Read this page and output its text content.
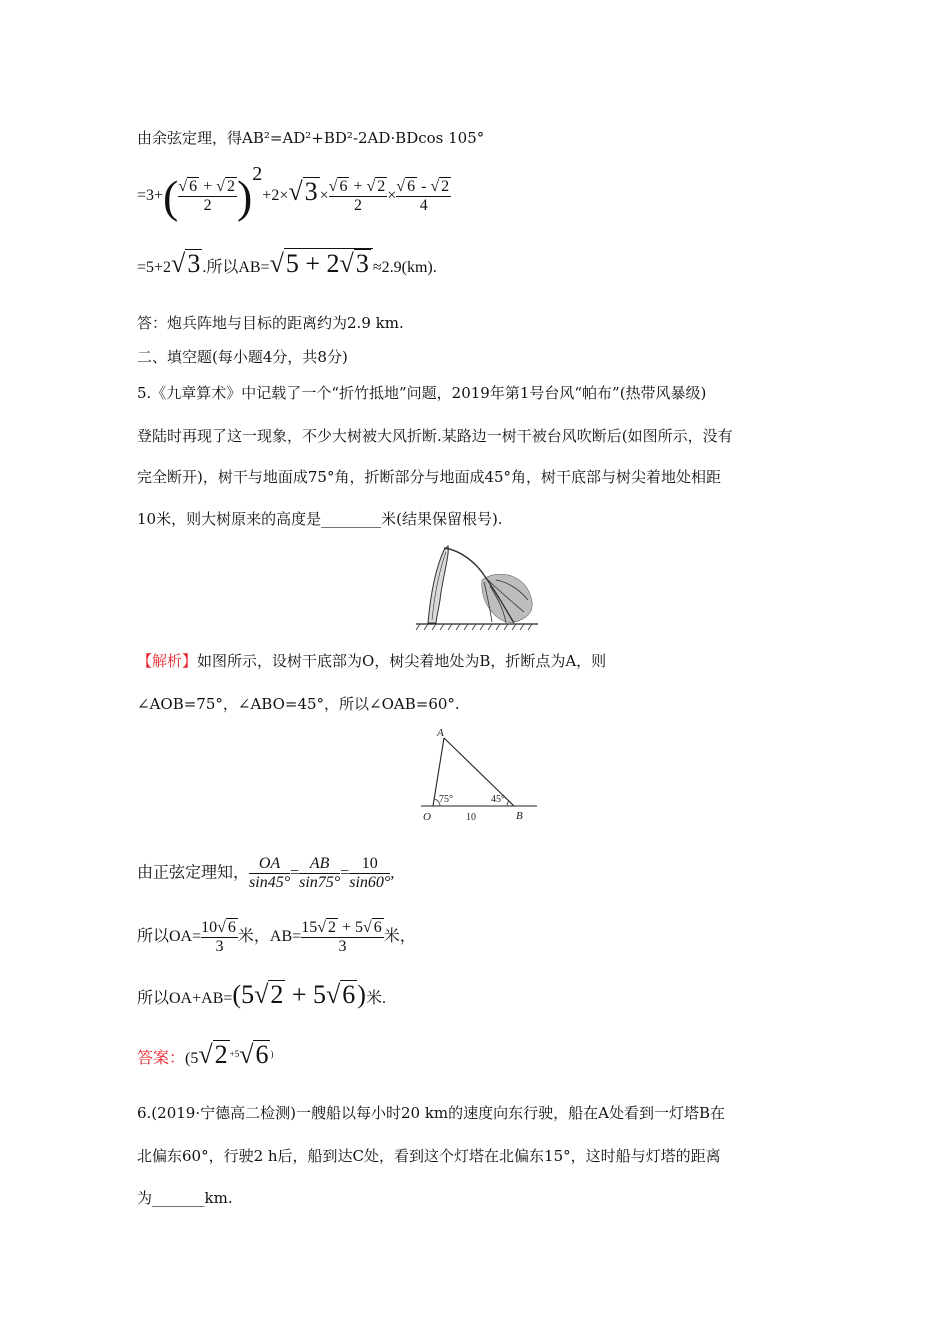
由余弦定理，得AB²=AD²+BD²-2AD·BDcos 105°
$=3+( \frac{√ 6 + √ 2}{2} )^2+2\times√3 \times \frac{√ 6 + √ 2}{2} \times \frac{√ 6 - √ 2}{4}$
=5+2√3 .所以AB=√5 + 2√3 ≈2.9(km).
答：炮兵阵地与目标的距离约为2.9 km.
二、填空题(每小题4分，共8分)
5.《九章算术》中记载了一个“折竹抵地”问题，2019年第1号台风“帕布”(热带风暴级)
登陆时再现了这一现象，不少大树被大风折断.某路边一树干被台风吹断后(如图所示，没有
完全断开)，树干与地面成75°角，折断部分与地面成45°角，树干底部与树尖着地处相距
10米，则大树原来的高度是________米(结果保留根号).
【解析】如图所示，设树干底部为O，树尖着地处为B，折断点为A，则
∠AOB=75°，∠ABO=45°，所以∠OAB=60°.
A
O	B
75°	45°
10
由正弦定理知， $\frac{OA}{\sin 45^\circ} = \frac{AB}{\sin 75^\circ} = \frac{10}{\sin 60^\circ}$ ,
所以$OA= \frac{10√ 6}{3}$ 米，$AB= \frac{15√ 2 + 5√ 6}{3}$ 米，
所以OA+AB=(5√2 + 5√6)米.
答案：(5√2 $^{+5}$√6 )
6.(2019·宁德高二检测)一艘船以每小时20 km的速度向东行驶，船在A处看到一灯塔B在
北偏东60°，行驶2 h后，船到达C处，看到这个灯塔在北偏东15°，这时船与灯塔的距离
为_______km.
